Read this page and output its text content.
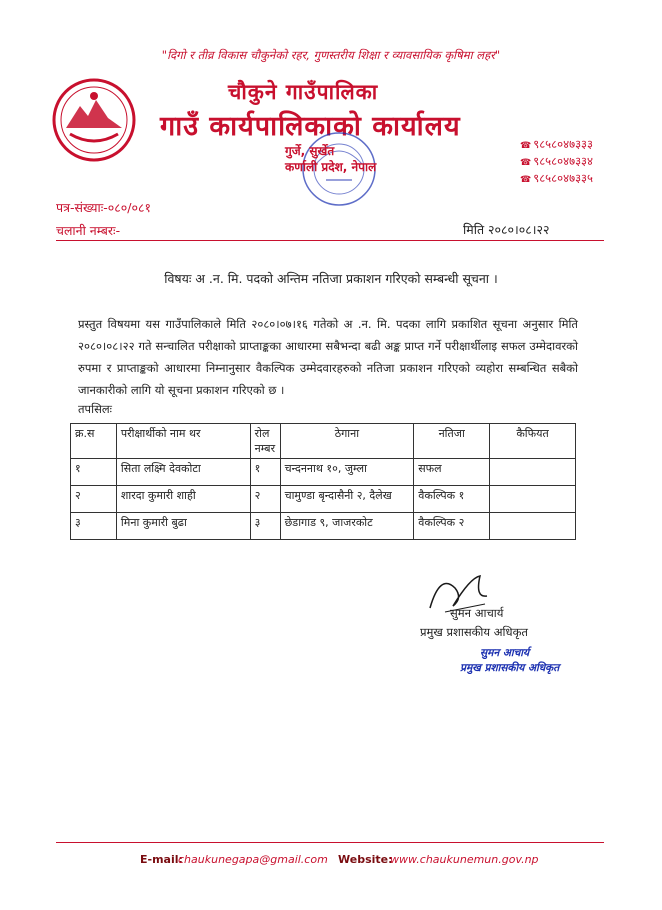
"दिगो र तीव्र विकास चौकुनेको रहर, गुणस्तरीय शिक्षा र व्यावसायिक कृषिमा लहर"
चौकुने गाउँपालिका
गाउँ कार्यपालिकाको कार्यालय
गुर्जे, सुर्खेत
कर्णाली प्रदेश, नेपाल
☎ ९८५८०४७३३३
☎ ९८५८०४७३३४
☎ ९८५८०४७३३५
पत्र-संख्याः-०८०/०८१
चलानी नम्बरः-	मिति २०८०।०८।२२
विषयः अ .न. मि. पदको अन्तिम नतिजा प्रकाशन गरिएको सम्बन्धी सूचना ।
प्रस्तुत विषयमा यस गाउँपालिकाले मिति २०८०।०७।१६ गतेको अ .न. मि. पदका लागि प्रकाशित सूचना अनुसार मिति २०८०।०८।२२ गते सन्चालित परीक्षाको प्राप्ताङ्कका आधारमा सबैभन्दा बढी अङ्क प्राप्त गर्ने परीक्षार्थीलाइ सफल उम्मेदावरको रुपमा र प्राप्ताङ्कको आधारमा निम्नानुसार वैकल्पिक उम्मेदवारहरुको नतिजा प्रकाशन गरिएको व्यहोरा सम्बन्धित सबैको जानकारीको लागि यो सूचना प्रकाशन गरिएको छ ।
तपसिलः
क्र.स	परीक्षार्थीको नाम थर	रोल नम्बर	ठेगाना	नतिजा	कैफियत
१	सिता लक्ष्मि देवकोटा	१	चन्दननाथ १०, जुम्ला	सफल	
२	शारदा कुमारी शाही	२	चामुण्डा बृन्दासैनी २, दैलेख	वैकल्पिक १	
३	मिना कुमारी बुढा	३	छेडागाड ९, जाजरकोट	वैकल्पिक २	
सुमन आचार्य
प्रमुख प्रशासकीय अधिकृत
सुमन आचार्य
प्रमुख प्रशासकीय अधिकृत
E-mail:
chaukunegapa@gmail.com Website:
www.chaukunemun.gov.np
